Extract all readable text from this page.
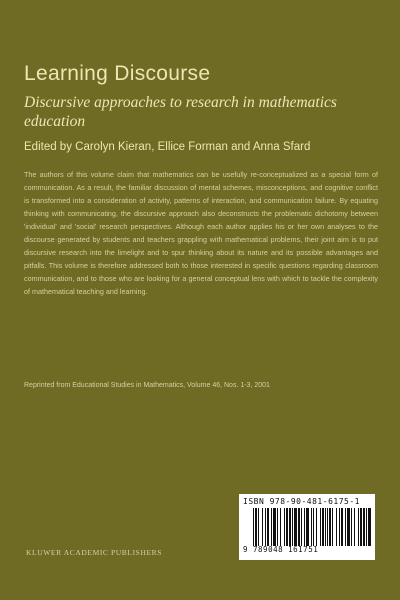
Learning Discourse

Discursive approaches to research in mathematics education

Edited by Carolyn Kieran, Ellice Forman and Anna Sfard

The authors of this volume claim that mathematics can be usefully re-conceptualized as a special form of communication. As a result, the familiar discussion of mental schemes, misconceptions, and cognitive conflict is transformed into a consideration of activity, patterns of interaction, and communication failure. By equating thinking with communicating, the discursive approach also deconstructs the problematic dichotomy between 'individual' and 'social' research perspectives. Although each author applies his or her own analyses to the discourse generated by students and teachers grappling with mathematical problems, their joint aim is to put discursive research into the limelight and to spur thinking about its nature and its possible advantages and pitfalls. This volume is therefore addressed both to those interested in specific questions regarding classroom communication, and to those who are looking for a general conceptual lens with which to tackle the complexity of mathematical teaching and learning.

Reprinted from Educational Studies in Mathematics, Volume 46, Nos. 1-3, 2001

KLUWER ACADEMIC PUBLISHERS

ISBN 978-90-481-6175-1
9 789048 161751
